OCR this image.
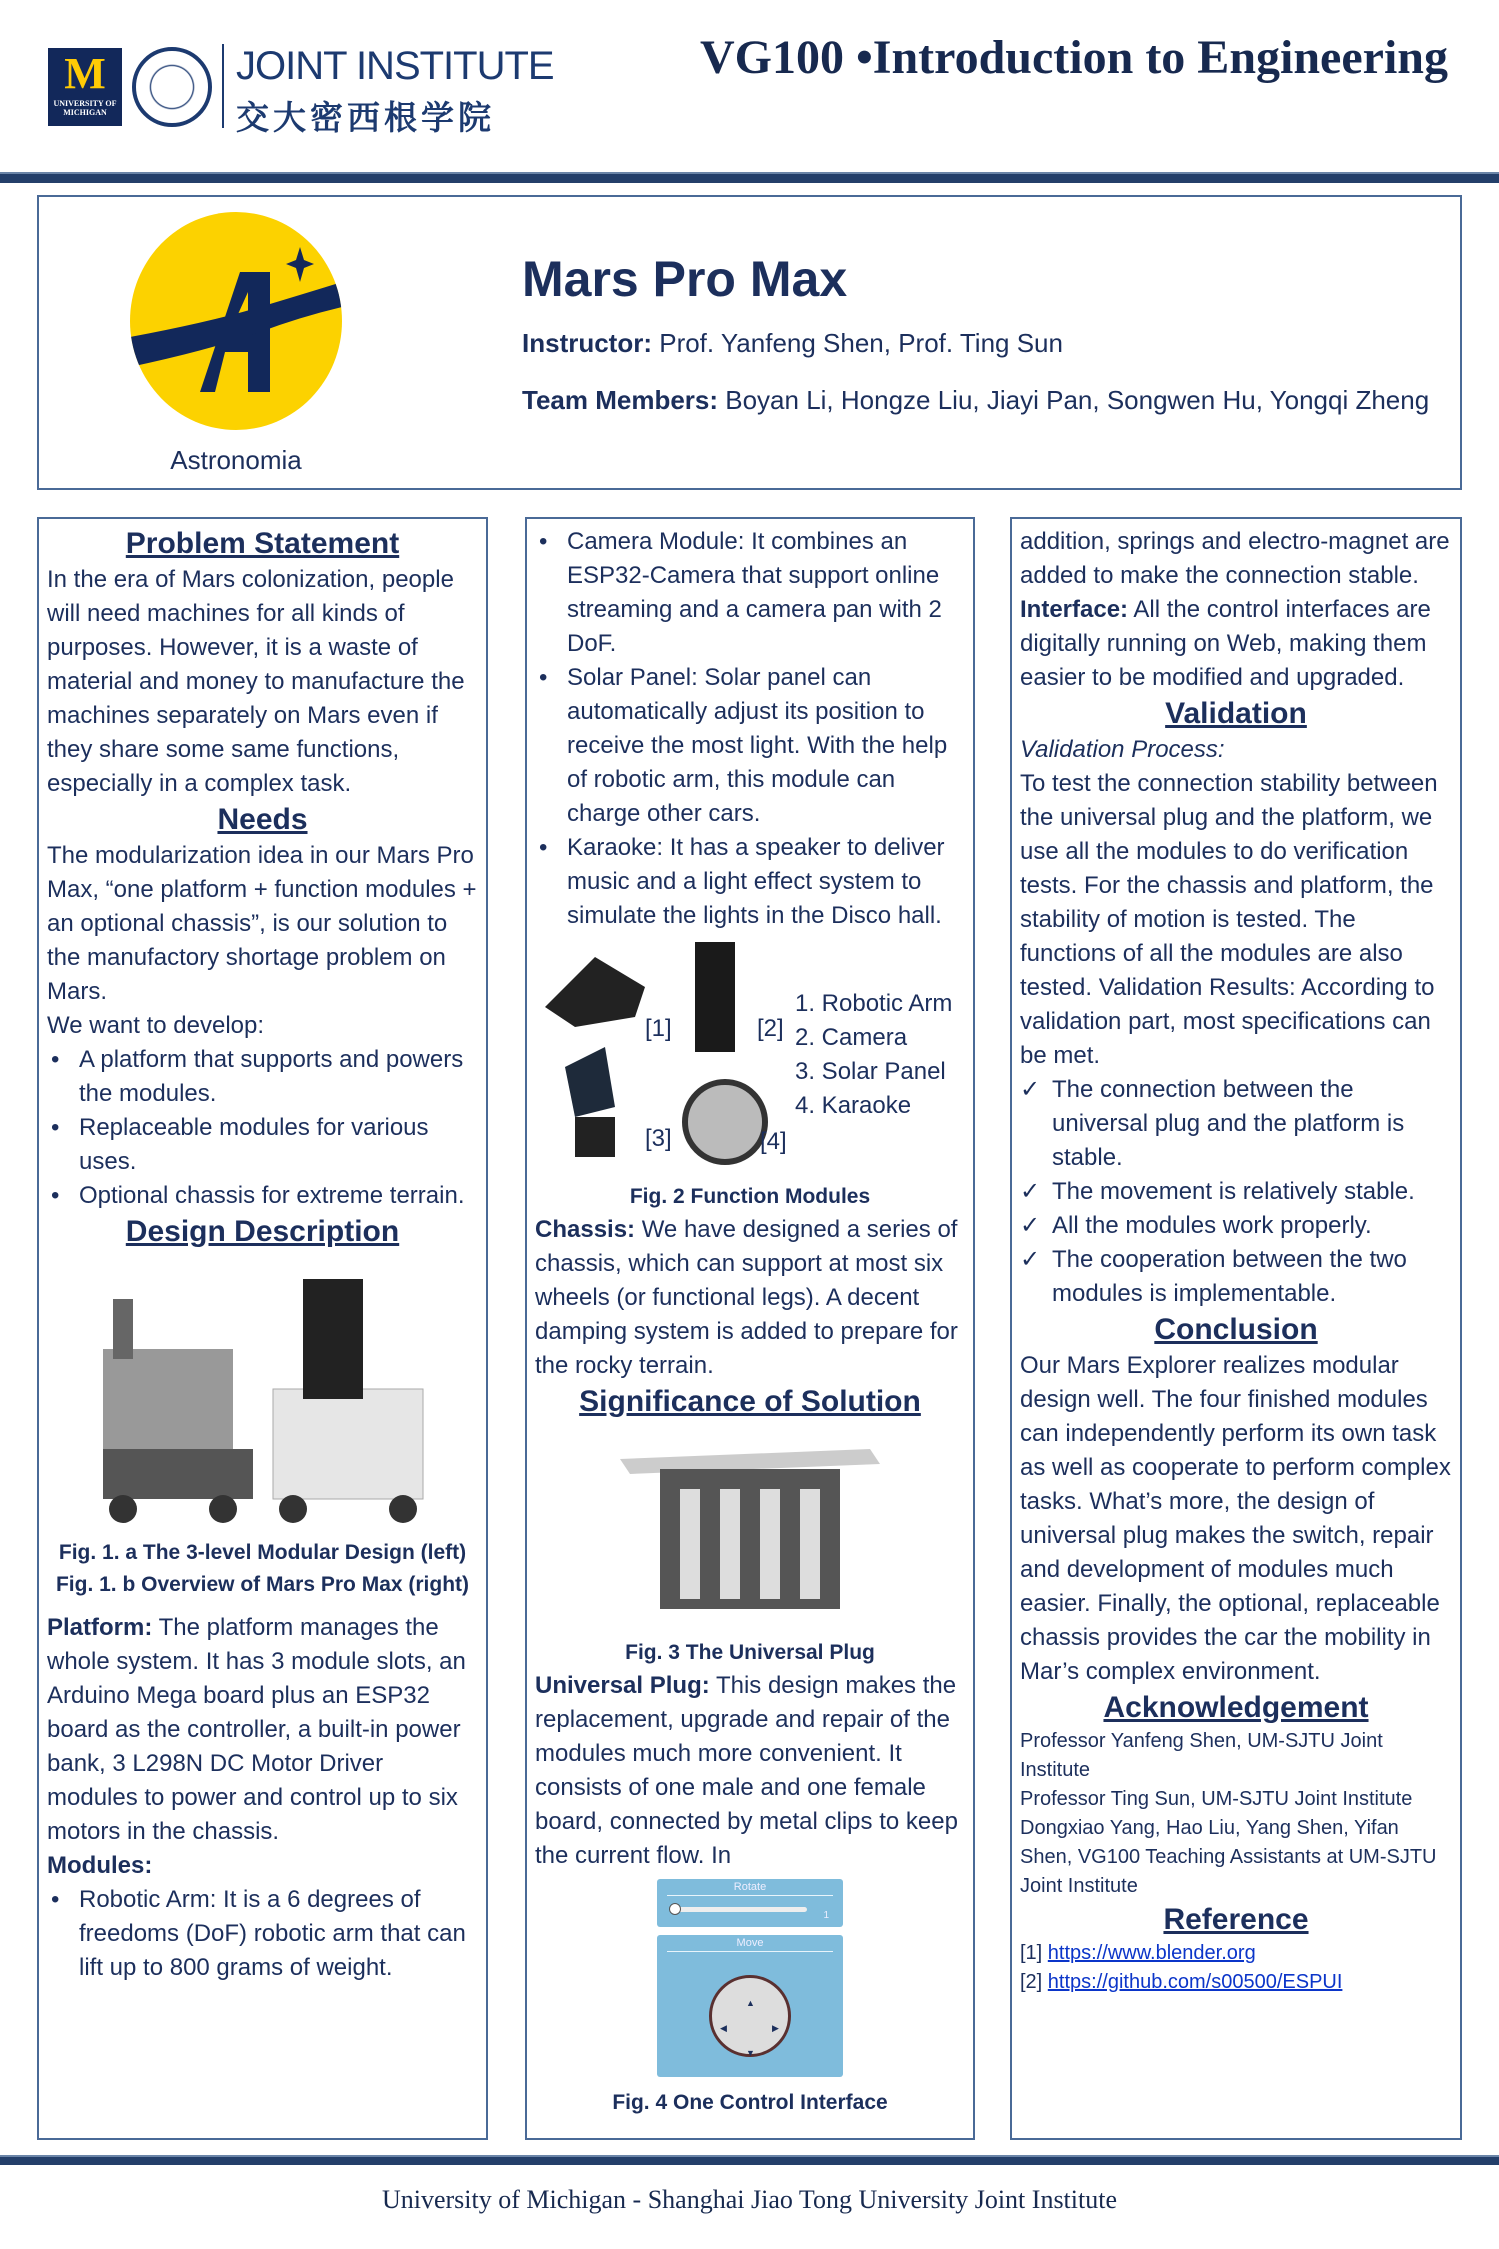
M
UNIVERSITY OF MICHIGAN
JOINT INSTITUTE
交大密西根学院
VG100 •Introduction to Engineering
Astronomia
Mars Pro Max
Instructor: Prof. Yanfeng Shen, Prof. Ting Sun
Team Members: Boyan Li, Hongze Liu, Jiayi Pan, Songwen Hu, Yongqi Zheng
Problem Statement

In the era of Mars colonization, people will need machines for all kinds of purposes. However, it is a waste of material and money to manufacture the machines separately on Mars even if they share some same functions, especially in a complex task.

Needs

The modularization idea in our Mars Pro Max, “one platform + function modules + an optional chassis”, is our solution to the manufactory shortage problem on Mars.

We want to develop:

• A platform that supports and powers the modules.
• Replaceable modules for various uses.
• Optional chassis for extreme terrain.
Design Description

Fig. 1. a The 3-level Modular Design (left)

Fig. 1. b Overview of Mars Pro Max (right)

Platform: The platform manages the whole system. It has 3 module slots, an Arduino Mega board plus an ESP32 board as the controller, a built-in power bank, 3 L298N DC Motor Driver modules to power and control up to six motors in the chassis.

Modules:

• Robotic Arm: It is a 6 degrees of freedoms (DoF) robotic arm that can lift up to 800 grams of weight.
• Camera Module: It combines an ESP32-Camera that support online streaming and a camera pan with 2 DoF.
• Solar Panel: Solar panel can automatically adjust its position to receive the most light. With the help of robotic arm, this module can charge other cars.
• Karaoke: It has a speaker to deliver music and a light effect system to simulate the lights in the Disco hall.
[1]	[2]
[3]	[4]
1. Robotic Arm
2. Camera
3. Solar Panel
4. Karaoke

Fig. 2 Function Modules

Chassis: We have designed a series of chassis, which can support at most six wheels (or functional legs). A decent damping system is added to prepare for the rocky terrain.

Significance of Solution

Fig. 3 The Universal Plug

Universal Plug: This design makes the replacement, upgrade and repair of the modules much more convenient. It consists of one male and one female board, connected by metal clips to keep the current flow. In

Rotate
1
Move
▲
▼
◀	▶

Fig. 4 One Control Interface

addition, springs and electro-magnet are added to make the connection stable.

Interface: All the control interfaces are digitally running on Web, making them easier to be modified and upgraded.

Validation

Validation Process:

To test the connection stability between the universal plug and the platform, we use all the modules to do verification tests. For the chassis and platform, the stability of motion is tested. The functions of all the modules are also tested. Validation Results: According to validation part, most specifications can be met.

✓ The connection between the universal plug and the platform is stable.
✓ The movement is relatively stable.
✓ All the modules work properly.
✓ The cooperation between the two modules is implementable.
Conclusion

Our Mars Explorer realizes modular design well. The four finished modules can independently perform its own task as well as cooperate to perform complex tasks. What’s more, the design of universal plug makes the switch, repair and development of modules much easier. Finally, the optional, replaceable chassis provides the car the mobility in Mar’s complex environment.

Acknowledgement

Professor Yanfeng Shen, UM-SJTU Joint Institute

Professor Ting Sun, UM-SJTU Joint Institute

Dongxiao Yang, Hao Liu, Yang Shen, Yifan Shen, VG100 Teaching Assistants at UM-SJTU Joint Institute

Reference

[1] https://www.blender.org

[2] https://github.com/s00500/ESPUI

University of Michigan - Shanghai Jiao Tong University Joint Institute
